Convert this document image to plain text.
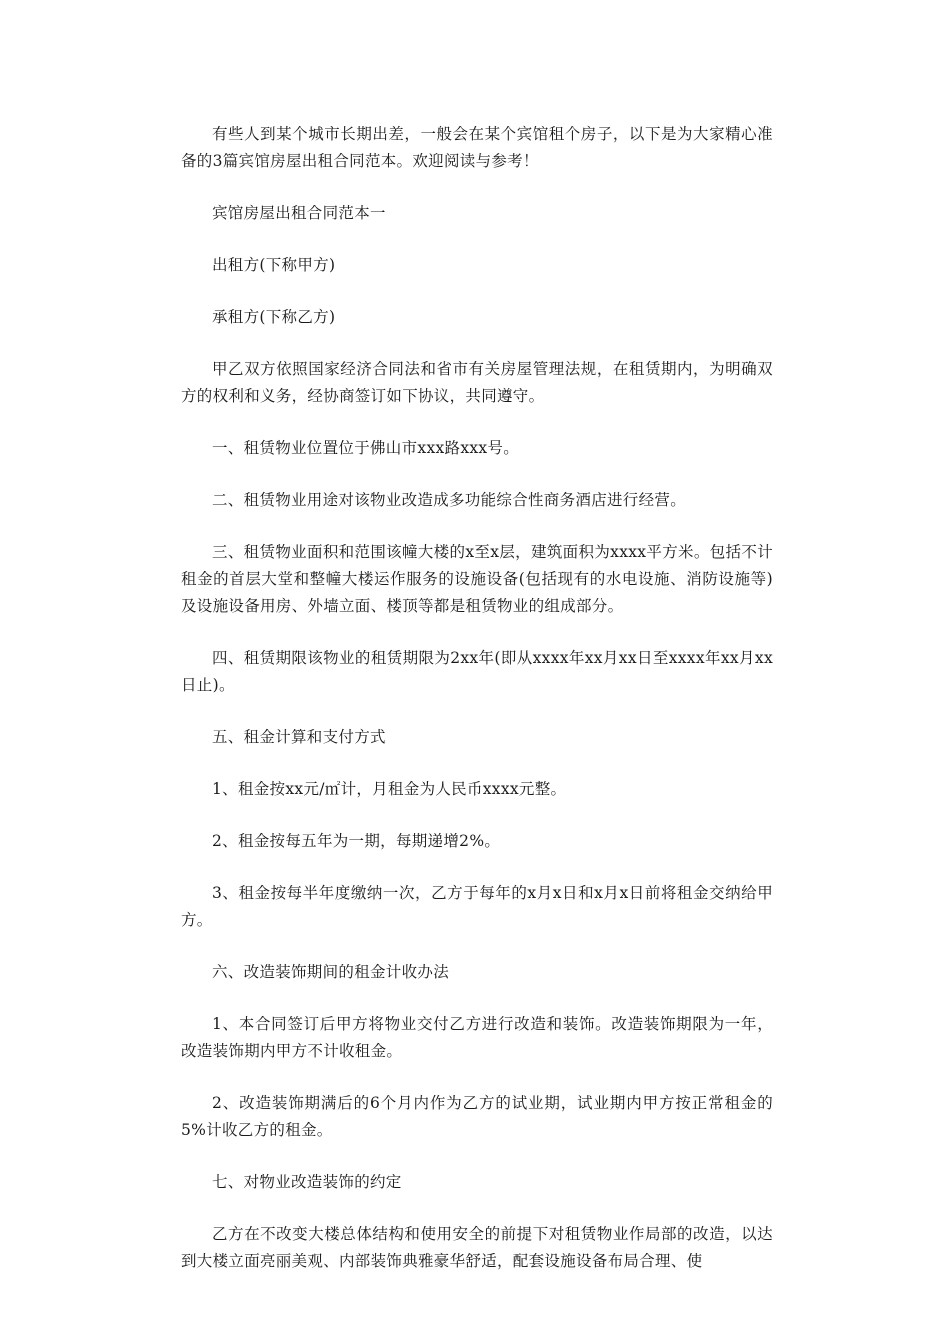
有些人到某个城市长期出差，一般会在某个宾馆租个房子，以下是为大家精心准备的3篇宾馆房屋出租合同范本。欢迎阅读与参考！

宾馆房屋出租合同范本一

出租方(下称甲方)

承租方(下称乙方)

甲乙双方依照国家经济合同法和省市有关房屋管理法规，在租赁期内，为明确双方的权利和义务，经协商签订如下协议，共同遵守。

一、租赁物业位置位于佛山市xxx路xxx号。

二、租赁物业用途对该物业改造成多功能综合性商务酒店进行经营。

三、租赁物业面积和范围该幢大楼的x至x层，建筑面积为xxxx平方米。包括不计租金的首层大堂和整幢大楼运作服务的设施设备(包括现有的水电设施、消防设施等)及设施设备用房、外墙立面、楼顶等都是租赁物业的组成部分。

四、租赁期限该物业的租赁期限为2xx年(即从xxxx年xx月xx日至xxxx年xx月xx日止)。

五、租金计算和支付方式

1、租金按xx元/㎡计，月租金为人民币xxxx元整。

2、租金按每五年为一期，每期递增2%。

3、租金按每半年度缴纳一次，乙方于每年的x月x日和x月x日前将租金交纳给甲方。

六、改造装饰期间的租金计收办法

1、本合同签订后甲方将物业交付乙方进行改造和装饰。改造装饰期限为一年，改造装饰期内甲方不计收租金。

2、改造装饰期满后的6个月内作为乙方的试业期，试业期内甲方按正常租金的5%计收乙方的租金。

七、对物业改造装饰的约定

乙方在不改变大楼总体结构和使用安全的前提下对租赁物业作局部的改造，以达到大楼立面亮丽美观、内部装饰典雅豪华舒适，配套设施设备布局合理、使
